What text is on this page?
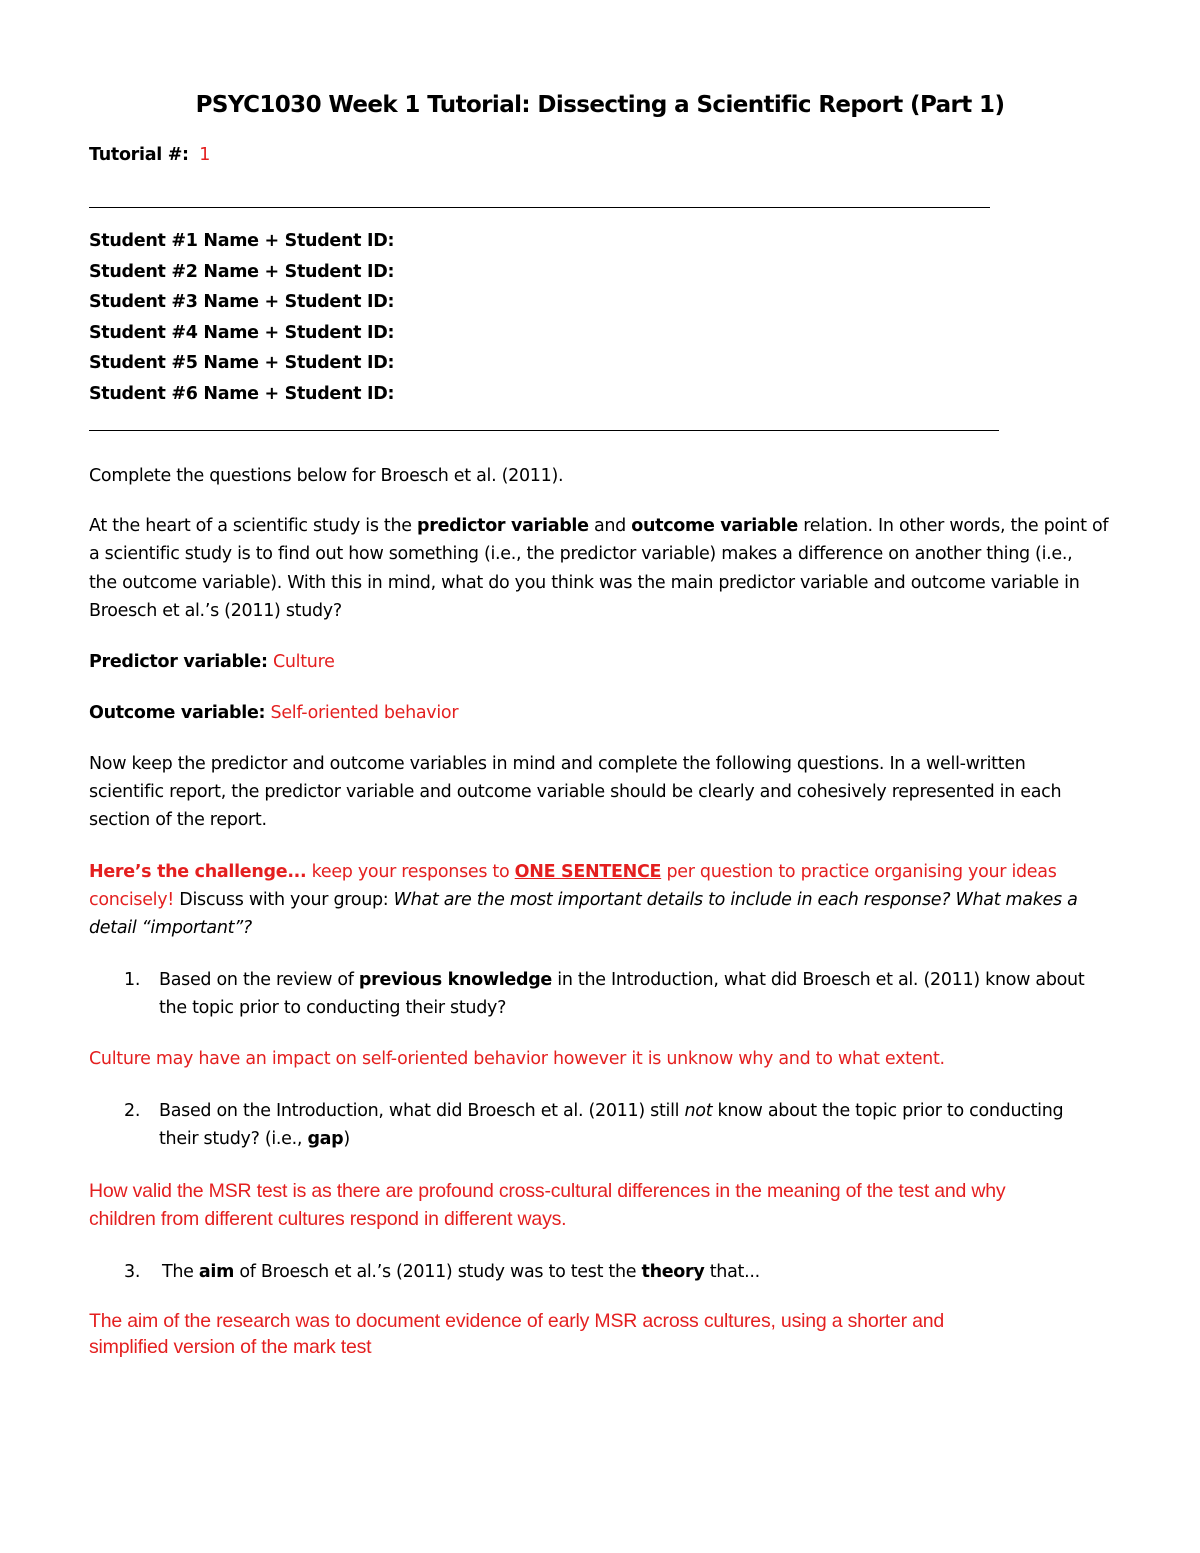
PSYC1030 Week 1 Tutorial: Dissecting a Scientific Report (Part 1)
Tutorial #: 1
Student #1 Name + Student ID:
Student #2 Name + Student ID:
Student #3 Name + Student ID:
Student #4 Name + Student ID:
Student #5 Name + Student ID:
Student #6 Name + Student ID:
Complete the questions below for Broesch et al. (2011).
At the heart of a scientific study is the predictor variable and outcome variable relation. In other words, the point of
a scientific study is to find out how something (i.e., the predictor variable) makes a difference on another thing (i.e.,
the outcome variable). With this in mind, what do you think was the main predictor variable and outcome variable in
Broesch et al.’s (2011) study?
Predictor variable: Culture
Outcome variable: Self-oriented behavior
Now keep the predictor and outcome variables in mind and complete the following questions. In a well-written
scientific report, the predictor variable and outcome variable should be clearly and cohesively represented in each
section of the report.
Here’s the challenge... keep your responses to ONE SENTENCE per question to practice organising your ideas
concisely! Discuss with your group: What are the most important details to include in each response? What makes a
detail “important”?
1. Based on the review of previous knowledge in the Introduction, what did Broesch et al. (2011) know about
the topic prior to conducting their study?
Culture may have an impact on self-oriented behavior however it is unknow why and to what extent.
2. Based on the Introduction, what did Broesch et al. (2011) still not know about the topic prior to conducting
their study? (i.e., gap)
How valid the MSR test is as there are profound cross-cultural differences in the meaning of the test and why
children from different cultures respond in different ways.
3. The aim of Broesch et al.’s (2011) study was to test the theory that...
The aim of the research was to document evidence of early MSR across cultures, using a shorter and
simplified version of the mark test
